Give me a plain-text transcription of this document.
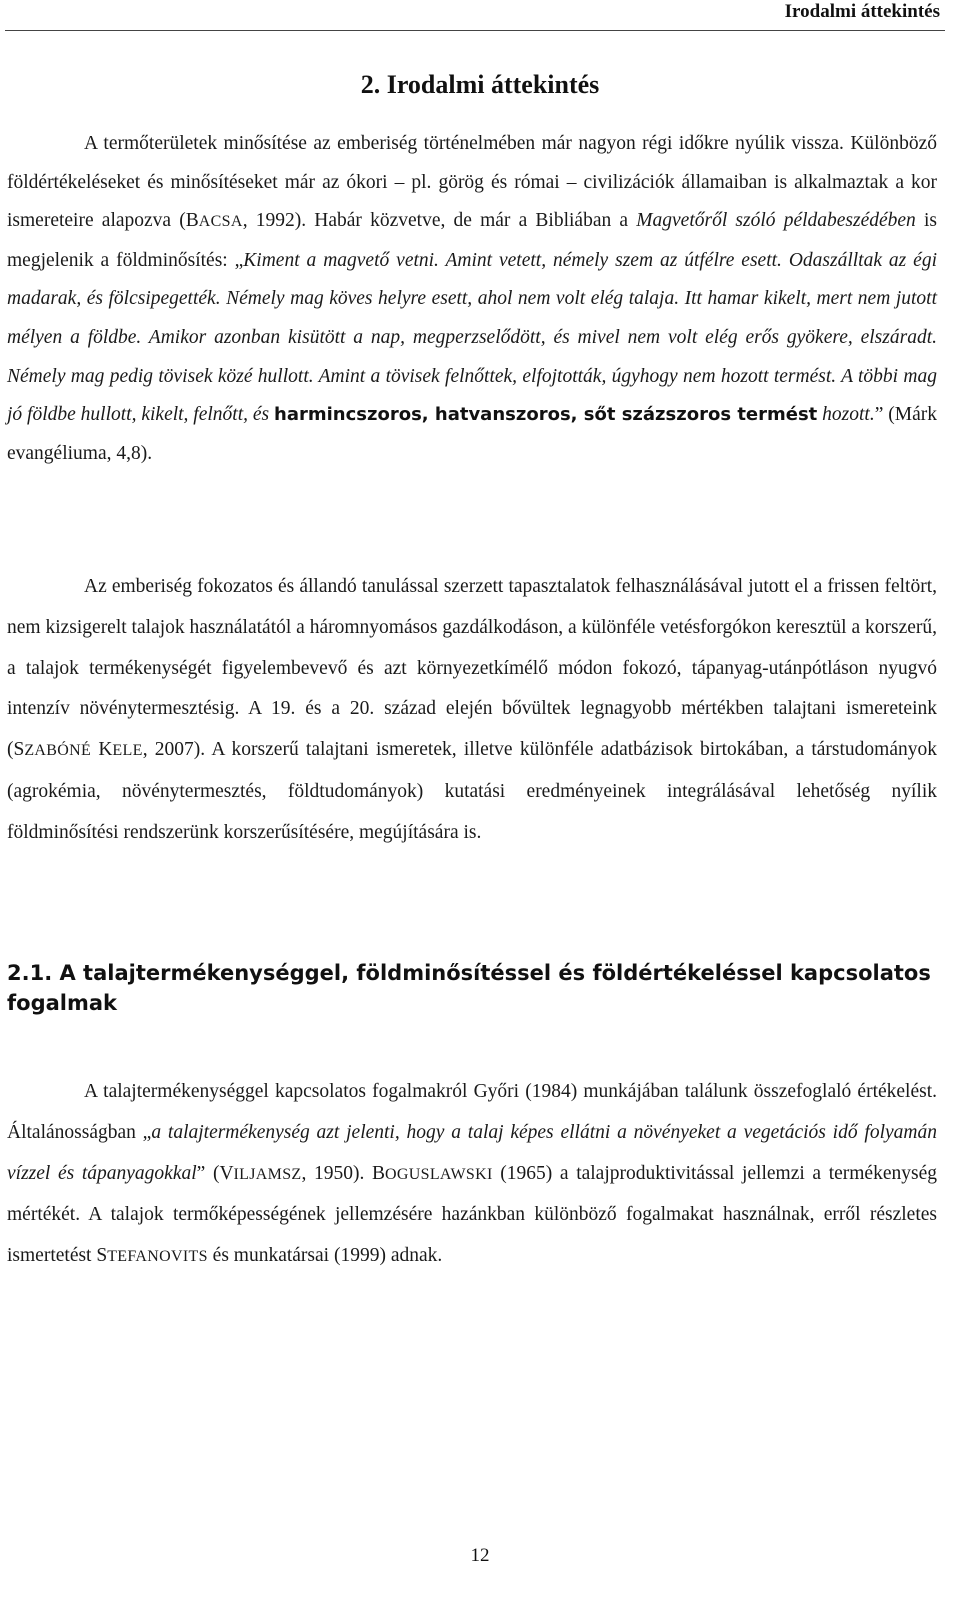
Irodalmi áttekintés
2. Irodalmi áttekintés

A termőterületek minősítése az emberiség történelmében már nagyon régi időkre nyúlik vissza. Különböző földértékeléseket és minősítéseket már az ókori – pl. görög és római – civilizációk államaiban is alkalmaztak a kor ismereteire alapozva (BACSA, 1992). Habár közvetve, de már a Bibliában a Magvetőről szóló példabeszédében is megjelenik a földminősítés: „Kiment a magvető vetni. Amint vetett, némely szem az útfélre esett. Odaszálltak az égi madarak, és fölcsipegették. Némely mag köves helyre esett, ahol nem volt elég talaja. Itt hamar kikelt, mert nem jutott mélyen a földbe. Amikor azonban kisütött a nap, megperzselődött, és mivel nem volt elég erős gyökere, elszáradt. Némely mag pedig tövisek közé hullott. Amint a tövisek felnőttek, elfojtották, úgyhogy nem hozott termést. A többi mag jó földbe hullott, kikelt, felnőtt, és harmincszoros, hatvanszoros, sőt százszoros termést hozott.” (Márk evangéliuma, 4,8).

Az emberiség fokozatos és állandó tanulással szerzett tapasztalatok felhasználásával jutott el a frissen feltört, nem kizsigerelt talajok használatától a háromnyomásos gazdálkodáson, a különféle vetésforgókon keresztül a korszerű, a talajok termékenységét figyelembevevő és azt környezetkímélő módon fokozó, tápanyag-utánpótláson nyugvó intenzív növénytermesztésig. A 19. és a 20. század elején bővültek legnagyobb mértékben talajtani ismereteink (SZABÓNÉ KELE, 2007). A korszerű talajtani ismeretek, illetve különféle adatbázisok birtokában, a társtudományok (agrokémia, növénytermesztés, földtudományok) kutatási eredményeinek integrálásával lehetőség nyílik földminősítési rendszerünk korszerűsítésére, megújítására is.

2.1. A talajtermékenységgel, földminősítéssel és földértékeléssel kapcsolatos fogalmak

A talajtermékenységgel kapcsolatos fogalmakról Győri (1984) munkájában találunk összefoglaló értékelést. Általánosságban „a talajtermékenység azt jelenti, hogy a talaj képes ellátni a növényeket a vegetációs idő folyamán vízzel és tápanyagokkal” (VILJAMSZ, 1950). BOGUSLAWSKI (1965) a talajproduktivitással jellemzi a termékenység mértékét. A talajok termőképességének jellemzésére hazánkban különböző fogalmakat használnak, erről részletes ismertetést STEFANOVITS és munkatársai (1999) adnak.

12
